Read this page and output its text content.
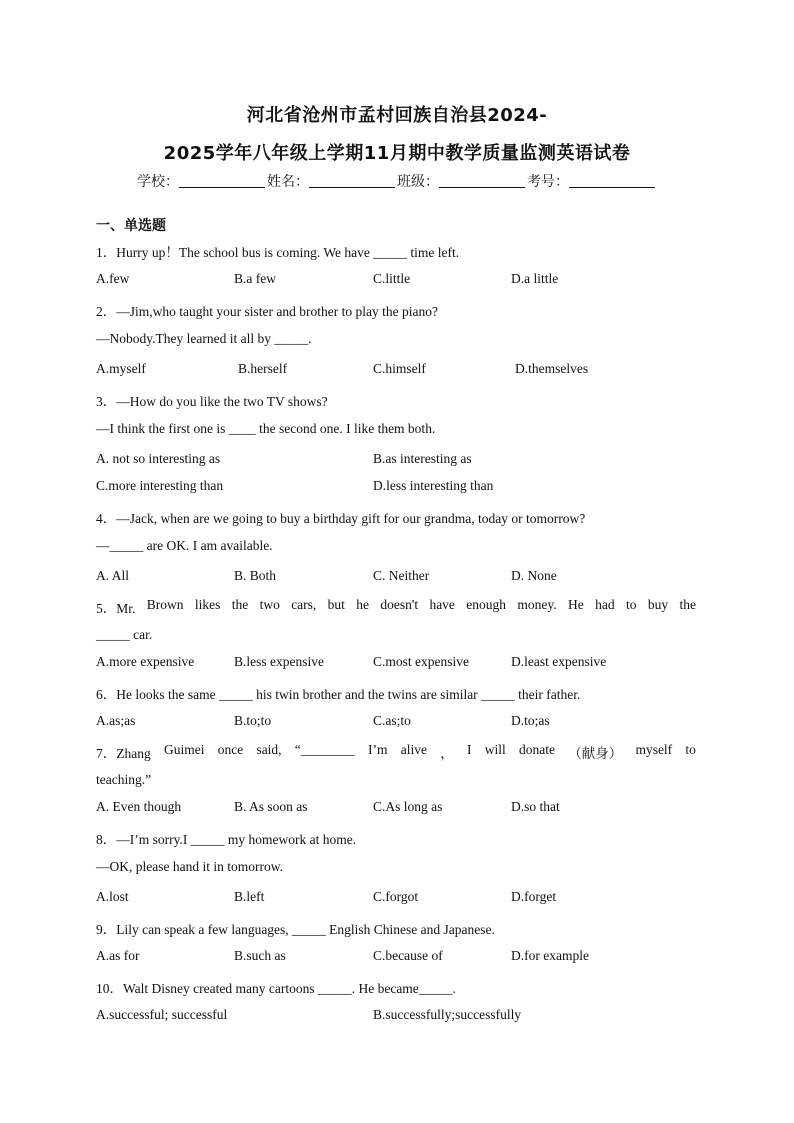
河北省沧州市孟村回族自治县2024-
2025学年八年级上学期11月期中教学质量监测英语试卷
学校：	姓名：	班级：	考号：
一、单选题
1．Hurry up！The school bus is coming. We have _____ time left.
A.few	B.a few	C.little	D.a little
2．—Jim,who taught your sister and brother to play the piano?
—Nobody.They learned it all by _____.
A.myself	B.herself	C.himself	D.themselves
3．—How do you like the two TV shows?
—I think the first one is ____ the second one. I like them both.
A. not so interesting as	B.as interesting as
C.more interesting than	D.less interesting than
4．—Jack, when are we going to buy a birthday gift for our grandma, today or tomorrow?
—_____ are OK. I am available.
A. All	B. Both	C. Neither	D. None
5．Mr. Brown likes the two cars, but he doesn't have enough money. He had to buy the
_____ car.
A.more expensive	B.less expensive	C.most expensive	D.least expensive
6．He looks the same _____ his twin brother and the twins are similar _____ their father.
A.as;as	B.to;to	C.as;to	D.to;as
7．Zhang Guimei once said, “________ I’m alive ， I will donate （献身） myself to
teaching.”
A. Even though	B. As soon as	C.As long as	D.so that
8．—I’m sorry.I _____ my homework at home.
—OK, please hand it in tomorrow.
A.lost	B.left	C.forgot	D.forget
9．Lily can speak a few languages, _____ English Chinese and Japanese.
A.as for	B.such as	C.because of	D.for example
10．Walt Disney created many cartoons _____. He became_____.
A.successful; successful	B.successfully;successfully
